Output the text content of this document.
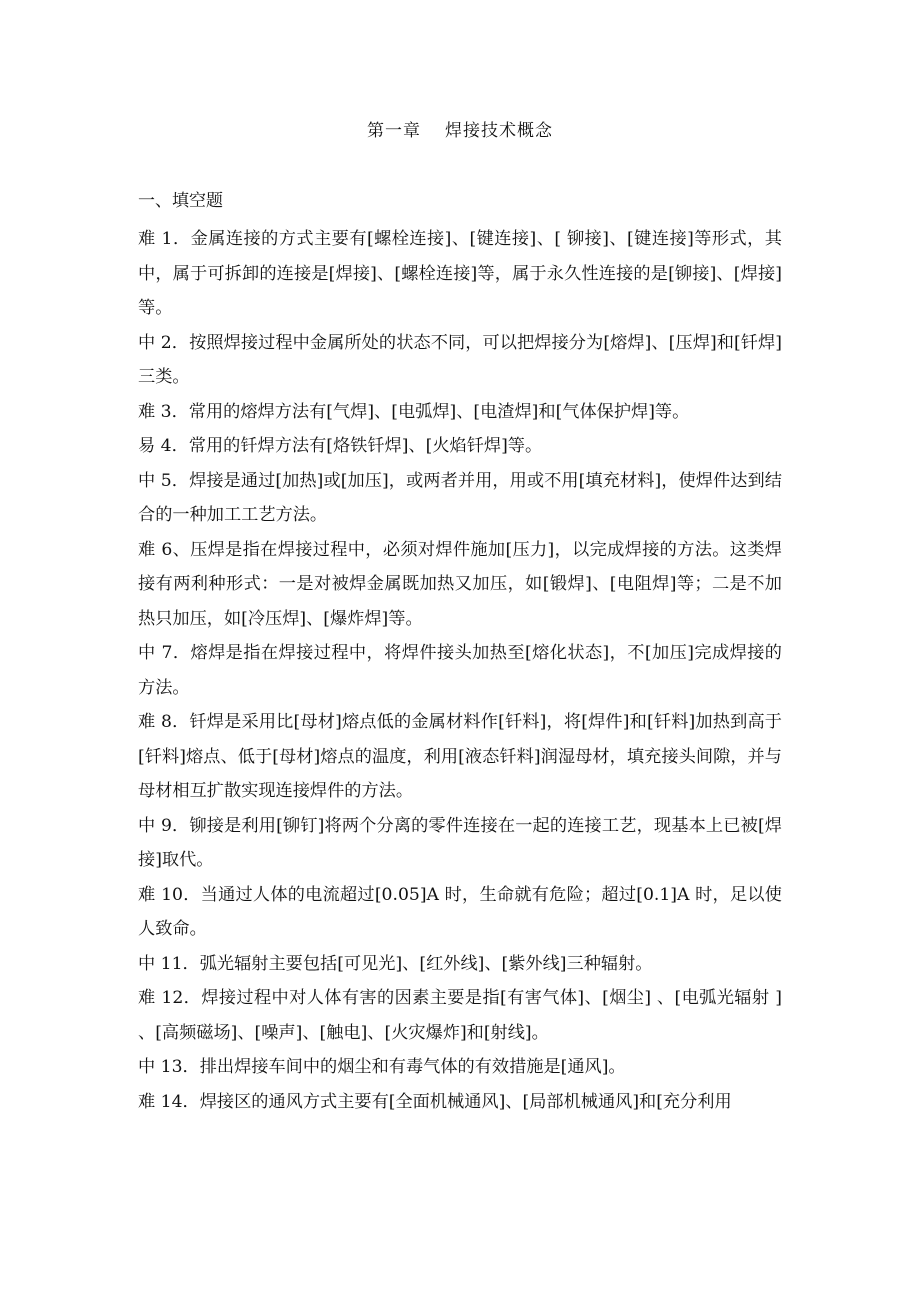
第一章 焊接技术概念
一、填空题

难 1．金属连接的方式主要有[螺栓连接]、[键连接]、[ 铆接]、[键连接]等形式，其中，属于可拆卸的连接是[焊接]、[螺栓连接]等，属于永久性连接的是[铆接]、[焊接]等。

中 2．按照焊接过程中金属所处的状态不同，可以把焊接分为[熔焊]、[压焊]和[钎焊]三类。

难 3．常用的熔焊方法有[气焊]、[电弧焊]、[电渣焊]和[气体保护焊]等。

易 4．常用的钎焊方法有[烙铁钎焊]、[火焰钎焊]等。

中 5．焊接是通过[加热]或[加压]，或两者并用，用或不用[填充材料]，使焊件达到结合的一种加工工艺方法。

难 6、压焊是指在焊接过程中，必须对焊件施加[压力]，以完成焊接的方法。这类焊接有两利种形式：一是对被焊金属既加热又加压，如[锻焊]、[电阻焊]等；二是不加热只加压，如[冷压焊]、[爆炸焊]等。

中 7．熔焊是指在焊接过程中，将焊件接头加热至[熔化状态]，不[加压]完成焊接的方法。

难 8．钎焊是采用比[母材]熔点低的金属材料作[钎料]，将[焊件]和[钎料]加热到高于[钎料]熔点、低于[母材]熔点的温度，利用[液态钎料]润湿母材，填充接头间隙，并与母材相互扩散实现连接焊件的方法。

中 9．铆接是利用[铆钉]将两个分离的零件连接在一起的连接工艺，现基本上已被[焊接]取代。

难 10．当通过人体的电流超过[0.05]A 时，生命就有危险；超过[0.1]A 时，足以使人致命。

中 11．弧光辐射主要包括[可见光]、[红外线]、[紫外线]三种辐射。

难 12．焊接过程中对人体有害的因素主要是指[有害气体]、[烟尘] 、[电弧光辐射 ] 、[高频磁场]、[噪声]、[触电]、[火灾爆炸]和[射线]。

中 13．排出焊接车间中的烟尘和有毒气体的有效措施是[通风]。

难 14．焊接区的通风方式主要有[全面机械通风]、[局部机械通风]和[充分利用
